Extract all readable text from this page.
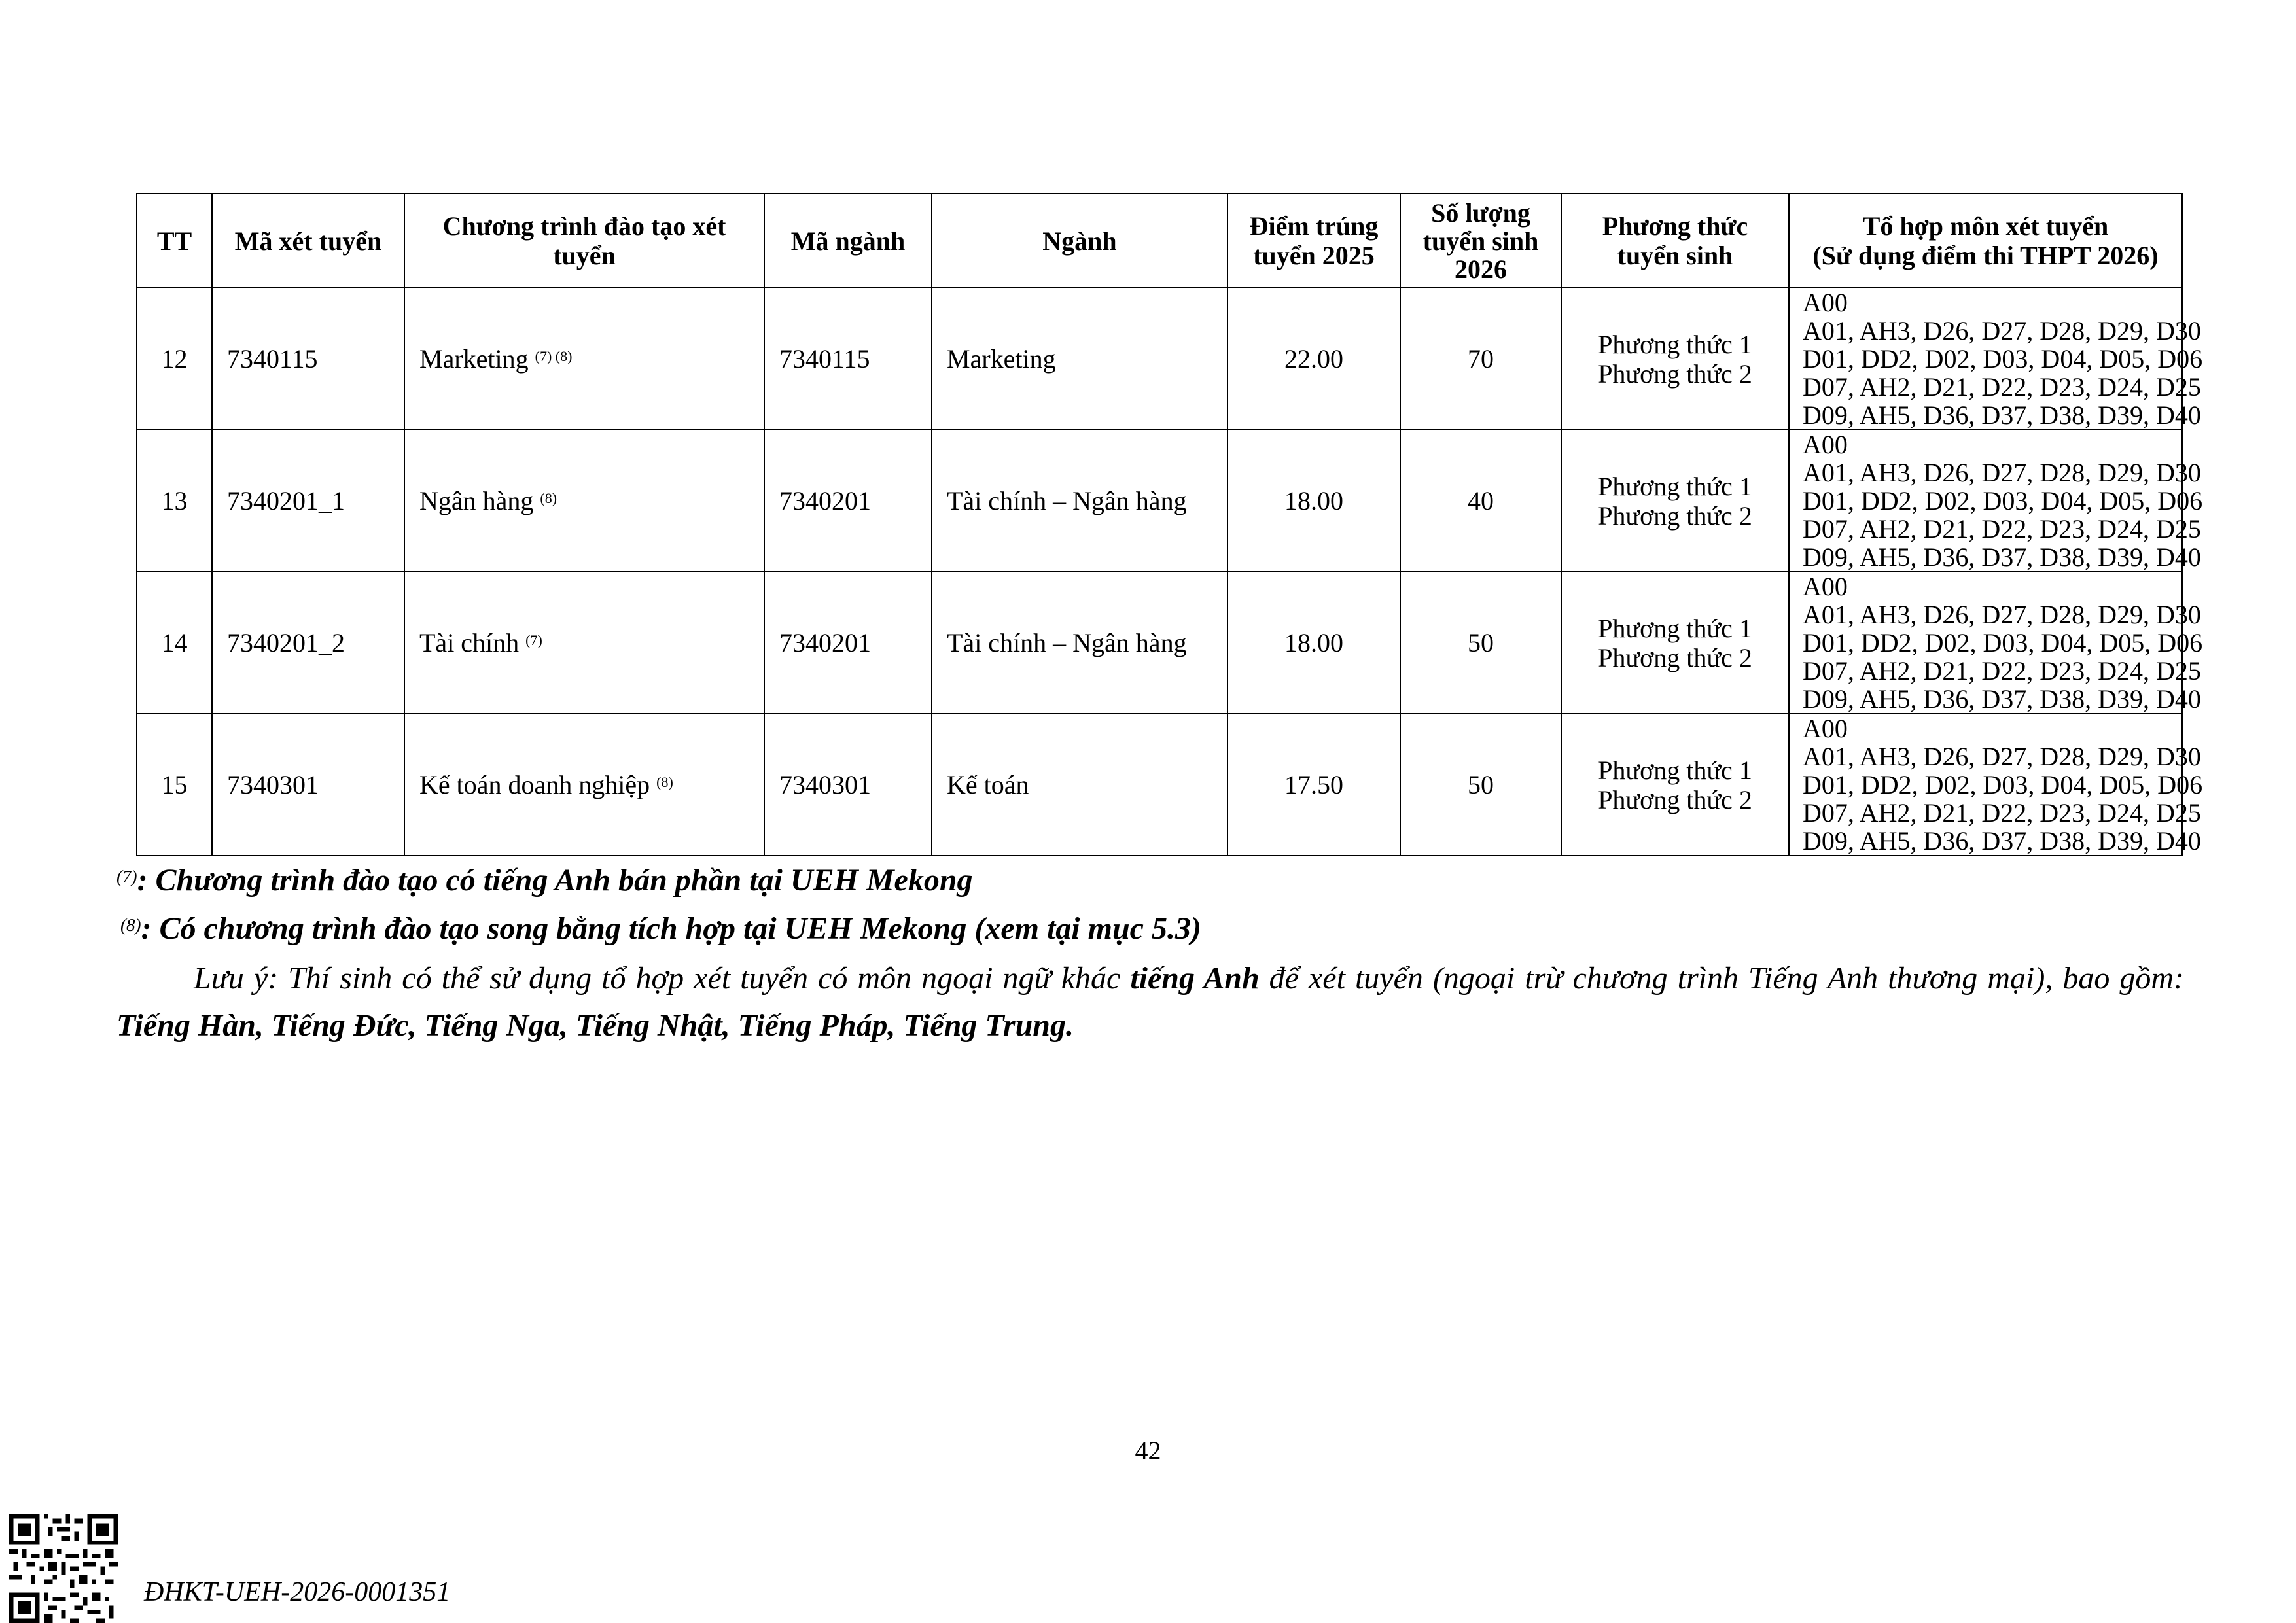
TT	Mã xét tuyển	Chương trình đào tạo xét
tuyển	Mã ngành	Ngành	Điểm trúng
tuyển 2025	Số lượng
tuyển sinh
2026	Phương thức
tuyển sinh	Tổ hợp môn xét tuyển
(Sử dụng điểm thi THPT 2026)

12	7340115	Marketing $^{(7) (8)}$	7340115	Marketing	22.00	70	Phương thức 1
Phương thức 2	A00
A01, AH3, D26, D27, D28, D29, D30
D01, DD2, D02, D03, D04, D05, D06
D07, AH2, D21, D22, D23, D24, D25
D09, AH5, D36, D37, D38, D39, D40

13	7340201_1	Ngân hàng $^{(8)}$	7340201	Tài chính – Ngân hàng	18.00	40	Phương thức 1
Phương thức 2	A00
A01, AH3, D26, D27, D28, D29, D30
D01, DD2, D02, D03, D04, D05, D06
D07, AH2, D21, D22, D23, D24, D25
D09, AH5, D36, D37, D38, D39, D40

14	7340201_2	Tài chính $^{(7)}$	7340201	Tài chính – Ngân hàng	18.00	50	Phương thức 1
Phương thức 2	A00
A01, AH3, D26, D27, D28, D29, D30
D01, DD2, D02, D03, D04, D05, D06
D07, AH2, D21, D22, D23, D24, D25
D09, AH5, D36, D37, D38, D39, D40

15	7340301	Kế toán doanh nghiệp $^{(8)}$	7340301	Kế toán	17.50	50	Phương thức 1
Phương thức 2	A00
A01, AH3, D26, D27, D28, D29, D30
D01, DD2, D02, D03, D04, D05, D06
D07, AH2, D21, D22, D23, D24, D25
D09, AH5, D36, D37, D38, D39, D40
$^{(7)}$: Chương trình đào tạo có tiếng Anh bán phần tại UEH Mekong
$^{(8)}$: Có chương trình đào tạo song bằng tích hợp tại UEH Mekong (xem tại mục 5.3)
Lưu ý: Thí sinh có thể sử dụng tổ hợp xét tuyển có môn ngoại ngữ khác tiếng Anh để xét tuyển (ngoại trừ chương trình Tiếng Anh thương mại), bao gồm: Tiếng Hàn, Tiếng Đức, Tiếng Nga, Tiếng Nhật, Tiếng Pháp, Tiếng Trung.
42
ĐHKT-UEH-2026-0001351
